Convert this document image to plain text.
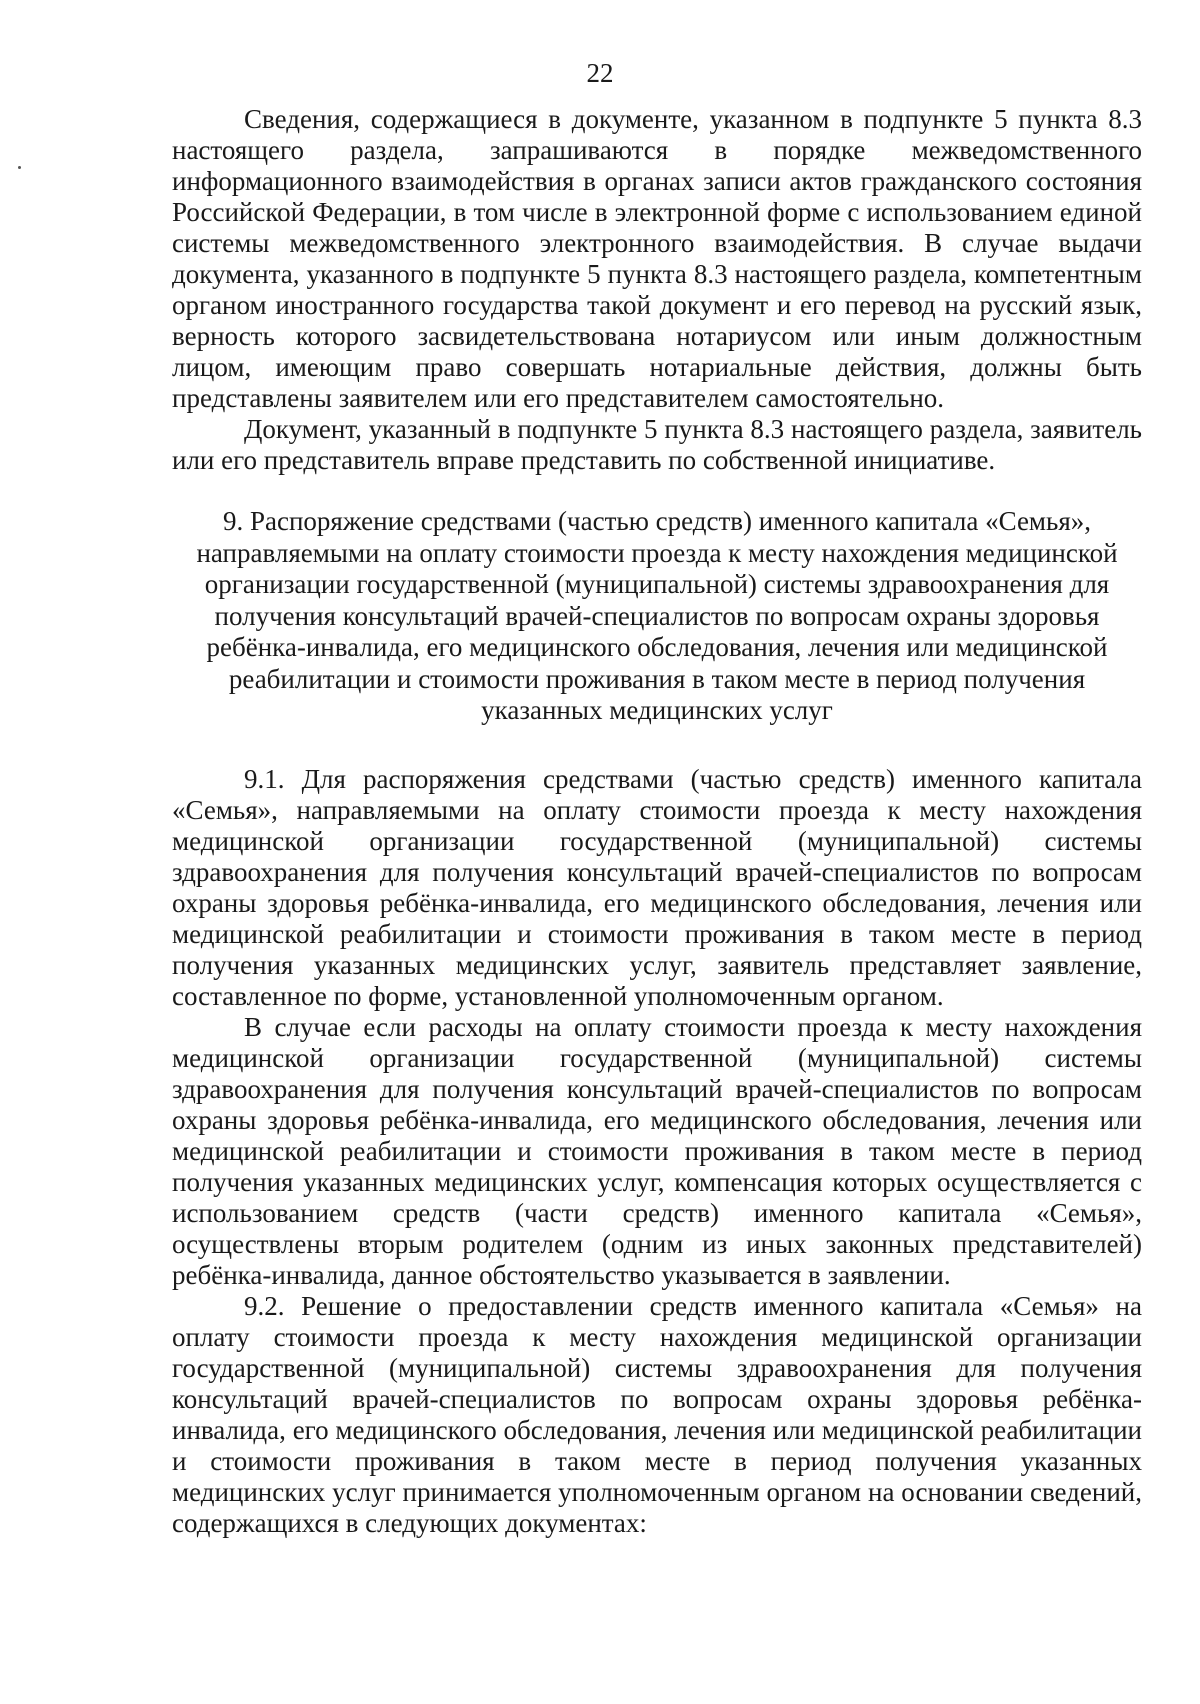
22

Сведения, содержащиеся в документе, указанном в подпункте 5 пункта 8.3 настоящего раздела, запрашиваются в порядке межведомственного информационного взаимодействия в органах записи актов гражданского состояния Российской Федерации, в том числе в электронной форме с использованием единой системы межведомственного электронного взаимодействия. В случае выдачи документа, указанного в подпункте 5 пункта 8.3 настоящего раздела, компетентным органом иностранного государства такой документ и его перевод на русский язык, верность которого засвидетельствована нотариусом или иным должностным лицом, имеющим право совершать нотариальные действия, должны быть представлены заявителем или его представителем самостоятельно.

Документ, указанный в подпункте 5 пункта 8.3 настоящего раздела, заявитель или его представитель вправе представить по собственной инициативе.

9. Распоряжение средствами (частью средств) именного капитала «Семья», направляемыми на оплату стоимости проезда к месту нахождения медицинской организации государственной (муниципальной) системы здравоохранения для получения консультаций врачей-специалистов по вопросам охраны здоровья ребёнка-инвалида, его медицинского обследования, лечения или медицинской реабилитации и стоимости проживания в таком месте в период получения указанных медицинских услуг

9.1. Для распоряжения средствами (частью средств) именного капитала «Семья», направляемыми на оплату стоимости проезда к месту нахождения медицинской организации государственной (муниципальной) системы здравоохранения для получения консультаций врачей-специалистов по вопросам охраны здоровья ребёнка-инвалида, его медицинского обследования, лечения или медицинской реабилитации и стоимости проживания в таком месте в период получения указанных медицинских услуг, заявитель представляет заявление, составленное по форме, установленной уполномоченным органом.

В случае если расходы на оплату стоимости проезда к месту нахождения медицинской организации государственной (муниципальной) системы здравоохранения для получения консультаций врачей-специалистов по вопросам охраны здоровья ребёнка-инвалида, его медицинского обследования, лечения или медицинской реабилитации и стоимости проживания в таком месте в период получения указанных медицинских услуг, компенсация которых осуществляется с использованием средств (части средств) именного капитала «Семья», осуществлены вторым родителем (одним из иных законных представителей) ребёнка-инвалида, данное обстоятельство указывается в заявлении.

9.2. Решение о предоставлении средств именного капитала «Семья» на оплату стоимости проезда к месту нахождения медицинской организации государственной (муниципальной) системы здравоохранения для получения консультаций врачей-специалистов по вопросам охраны здоровья ребёнка-инвалида, его медицинского обследования, лечения или медицинской реабилитации и стоимости проживания в таком месте в период получения указанных медицинских услуг принимается уполномоченным органом на основании сведений, содержащихся в следующих документах:
